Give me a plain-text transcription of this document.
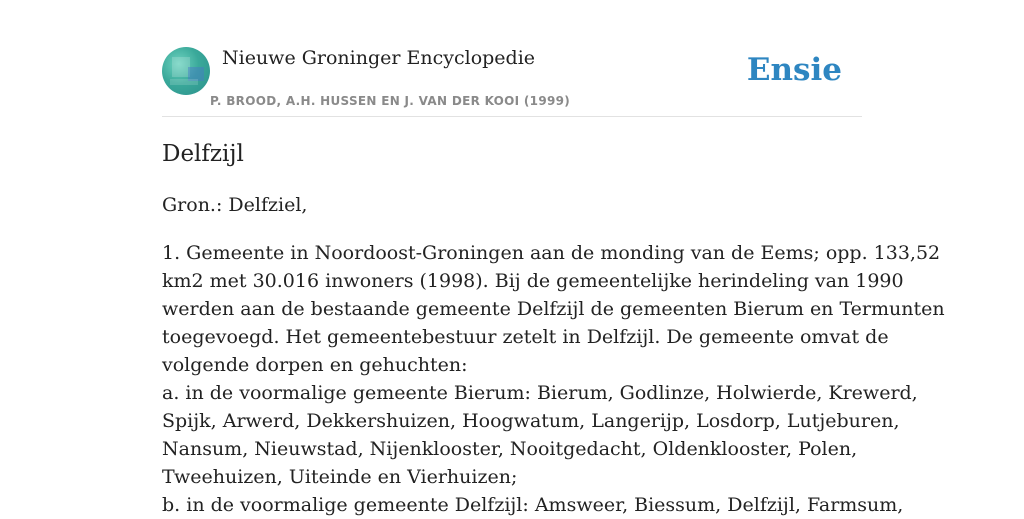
Nieuwe Groninger Encyclopedie
P. BROOD, A.H. HUSSEN EN J. VAN DER KOOI (1999)
Ensie
Delfzijl
Gron.: Delfziel,

1. Gemeente in Noordoost-Groningen aan de monding van de Eems; opp. 133,52

km2 met 30.016 inwoners (1998). Bij de gemeentelijke herindeling van 1990

werden aan de bestaande gemeente Delfzijl de gemeenten Bierum en Termunten

toegevoegd. Het gemeentebestuur zetelt in Delfzijl. De gemeente omvat de

volgende dorpen en gehuchten:

a. in de voormalige gemeente Bierum: Bierum, Godlinze, Holwierde, Krewerd,

Spijk, Arwerd, Dekkershuizen, Hoogwatum, Langerijp, Losdorp, Lutjeburen,

Nansum, Nieuwstad, Nijenklooster, Nooitgedacht, Oldenklooster, Polen,

Tweehuizen, Uiteinde en Vierhuizen;

b. in de voormalige gemeente Delfzijl: Amsweer, Biessum, Delfzijl, Farmsum,
